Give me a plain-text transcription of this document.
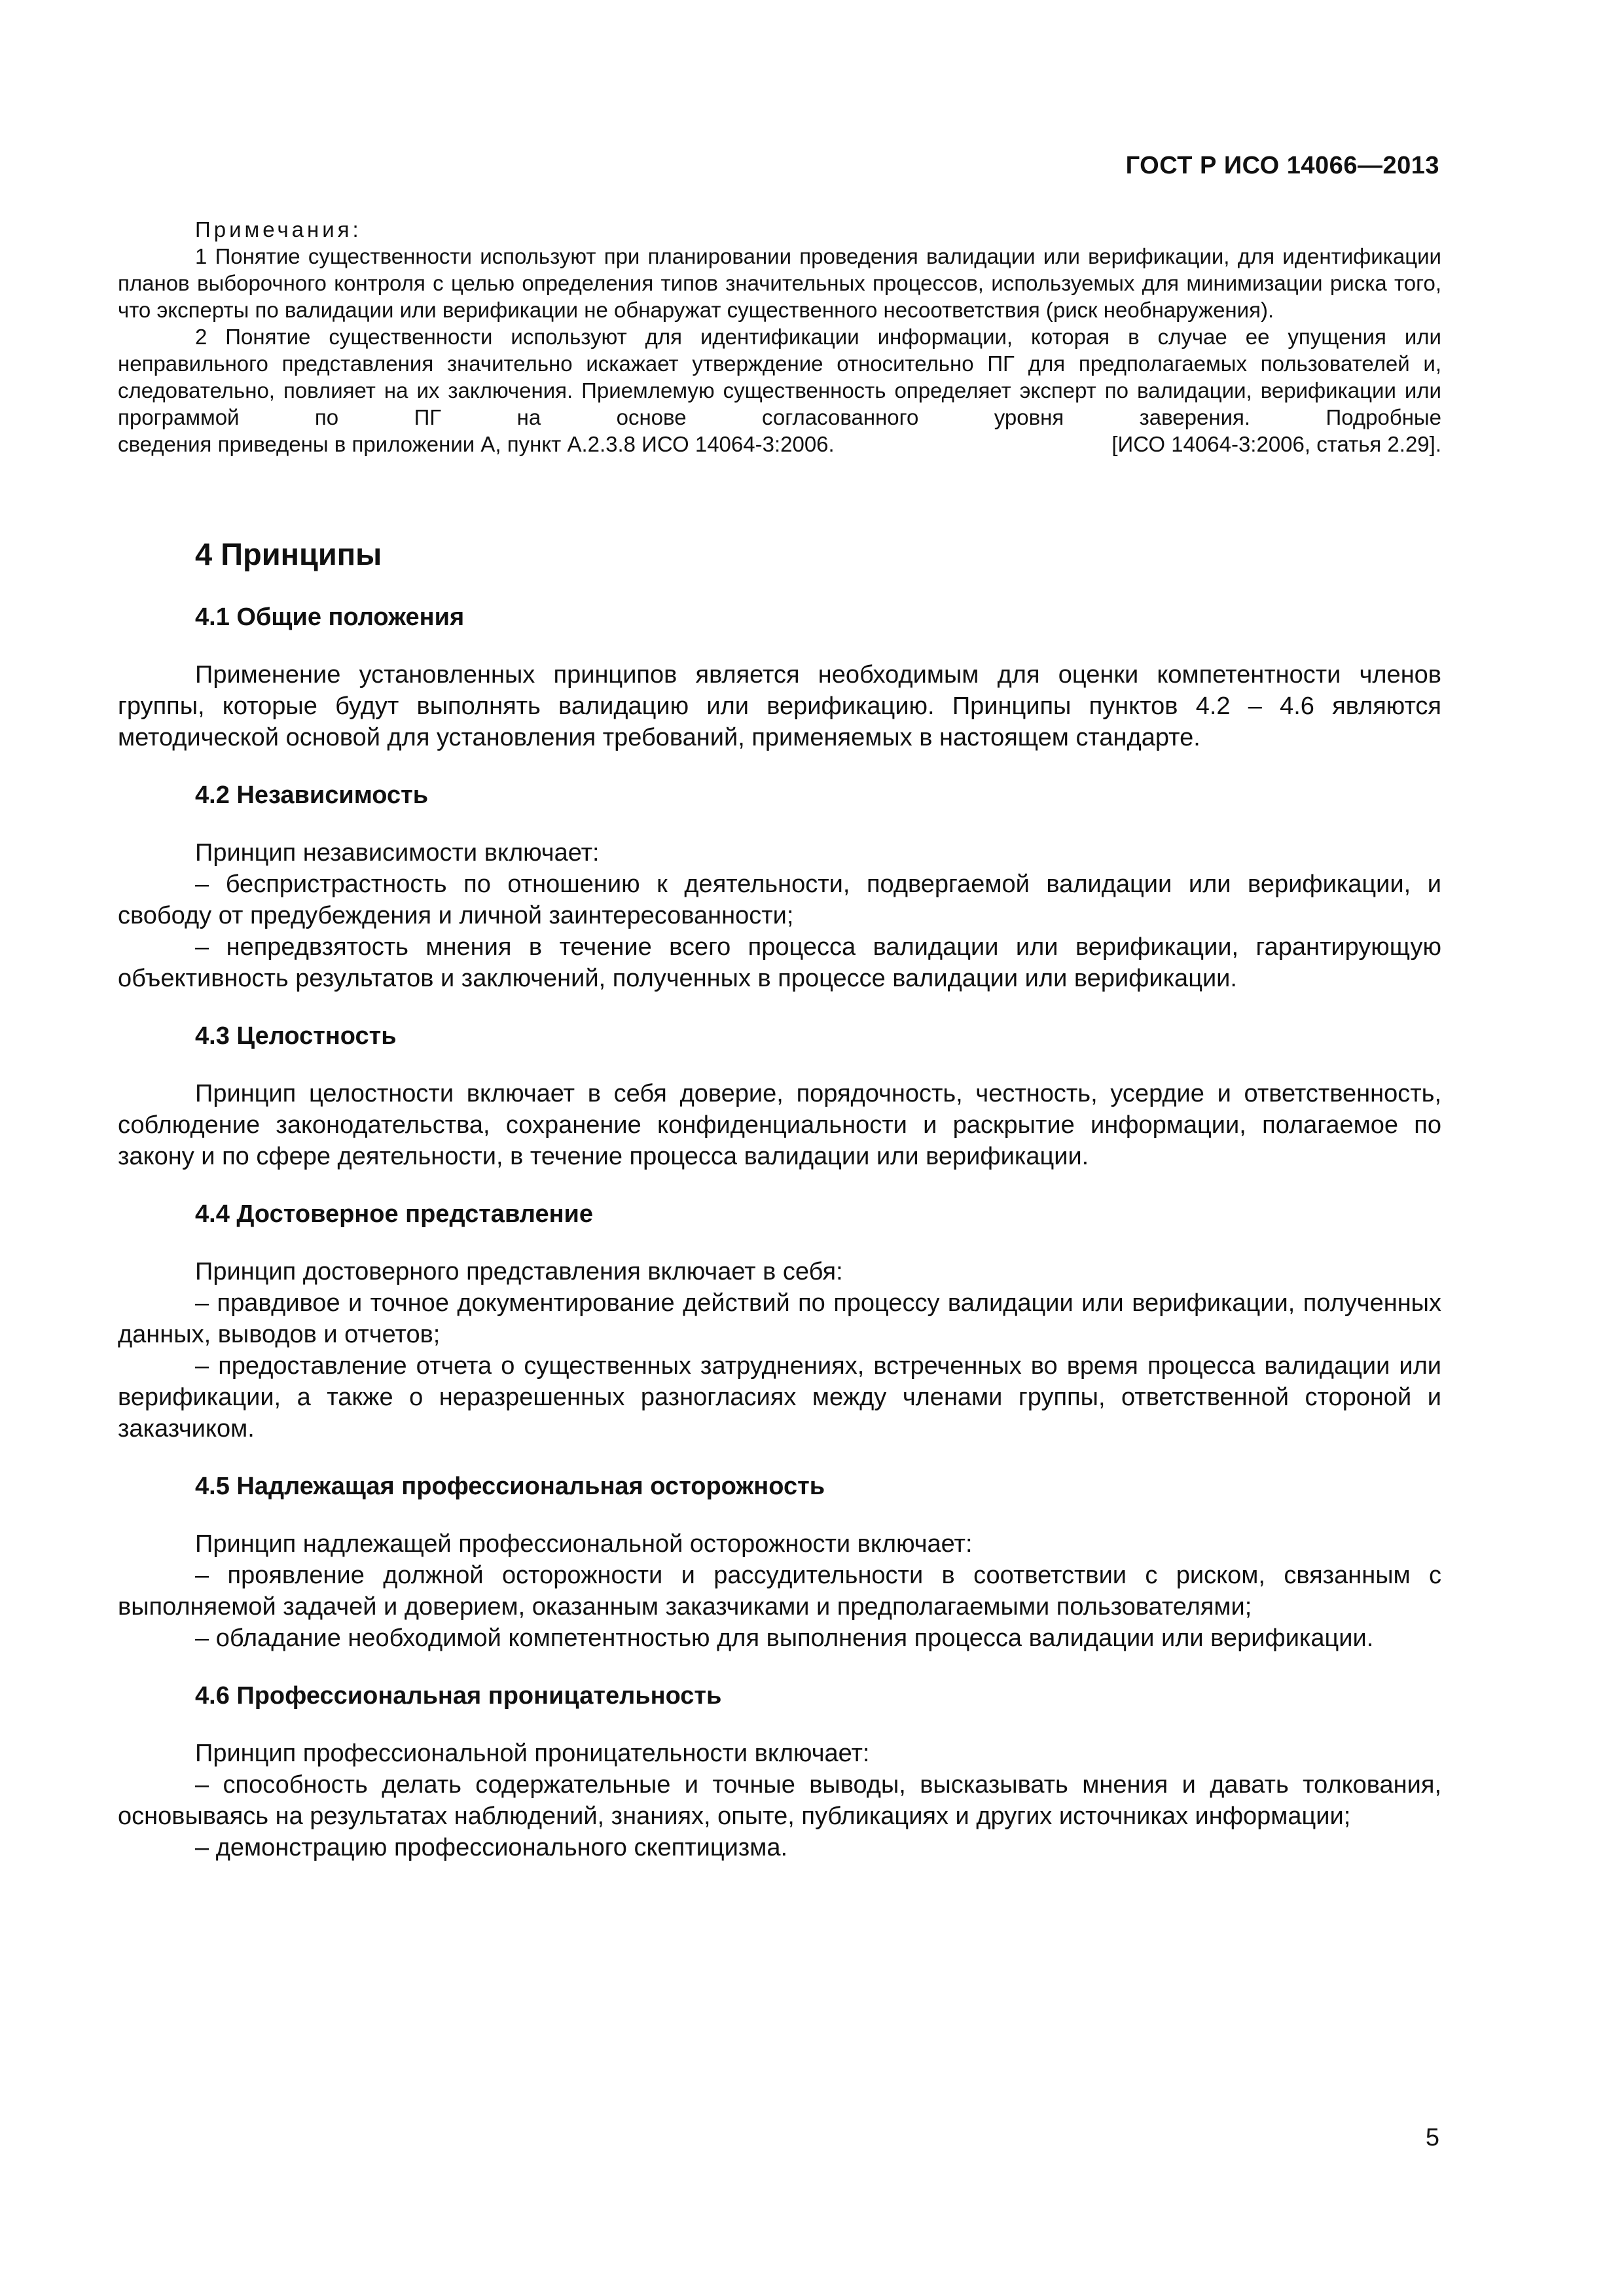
ГОСТ Р ИСО 14066—2013

Примечания:

1 Понятие существенности используют при планировании проведения валидации или верификации, для идентификации планов выборочного контроля с целью определения типов значительных процессов, используемых для минимизации риска того, что эксперты по валидации или верификации не обнаружат существенного несоответствия (риск необнаружения).

2 Понятие существенности используют для идентификации информации, которая в случае ее упущения или неправильного представления значительно искажает утверждение относительно ПГ для предполагаемых пользователей и, следовательно, повлияет на их заключения. Приемлемую существенность определяет эксперт по валидации, верификации или программой по ПГ на основе согласованного уровня заверения. Подробные

сведения приведены в приложении А, пункт А.2.3.8 ИСО 14064-3:2006.	[ИСО 14064-3:2006, статья 2.29].

4 Принципы
4.1 Общие положения

Применение установленных принципов является необходимым для оценки компетентности членов группы, которые будут выполнять валидацию или верификацию. Принципы пунктов 4.2 – 4.6 являются методической основой для установления требований, применяемых в настоящем стандарте.

4.2 Независимость

Принцип независимости включает:

– беспристрастность по отношению к деятельности, подвергаемой валидации или верификации, и свободу от предубеждения и личной заинтересованности;

– непредвзятость мнения в течение всего процесса валидации или верификации, гарантирующую объективность результатов и заключений, полученных в процессе валидации или верификации.

4.3 Целостность

Принцип целостности включает в себя доверие, порядочность, честность, усердие и ответственность, соблюдение законодательства, сохранение конфиденциальности и раскрытие информации, полагаемое по закону и по сфере деятельности, в течение процесса валидации или верификации.

4.4 Достоверное представление

Принцип достоверного представления включает в себя:

– правдивое и точное документирование действий по процессу валидации или верификации, полученных данных, выводов и отчетов;

– предоставление отчета о существенных затруднениях, встреченных во время процесса валидации или верификации, а также о неразрешенных разногласиях между членами группы, ответственной стороной и заказчиком.

4.5 Надлежащая профессиональная осторожность

Принцип надлежащей профессиональной осторожности включает:

– проявление должной осторожности и рассудительности в соответствии с риском, связанным с выполняемой задачей и доверием, оказанным заказчиками и предполагаемыми пользователями;

– обладание необходимой компетентностью для выполнения процесса валидации или верификации.

4.6 Профессиональная проницательность

Принцип профессиональной проницательности включает:

– способность делать содержательные и точные выводы, высказывать мнения и давать толкования, основываясь на результатах наблюдений, знаниях, опыте, публикациях и других источниках информации;

– демонстрацию профессионального скептицизма.

5
